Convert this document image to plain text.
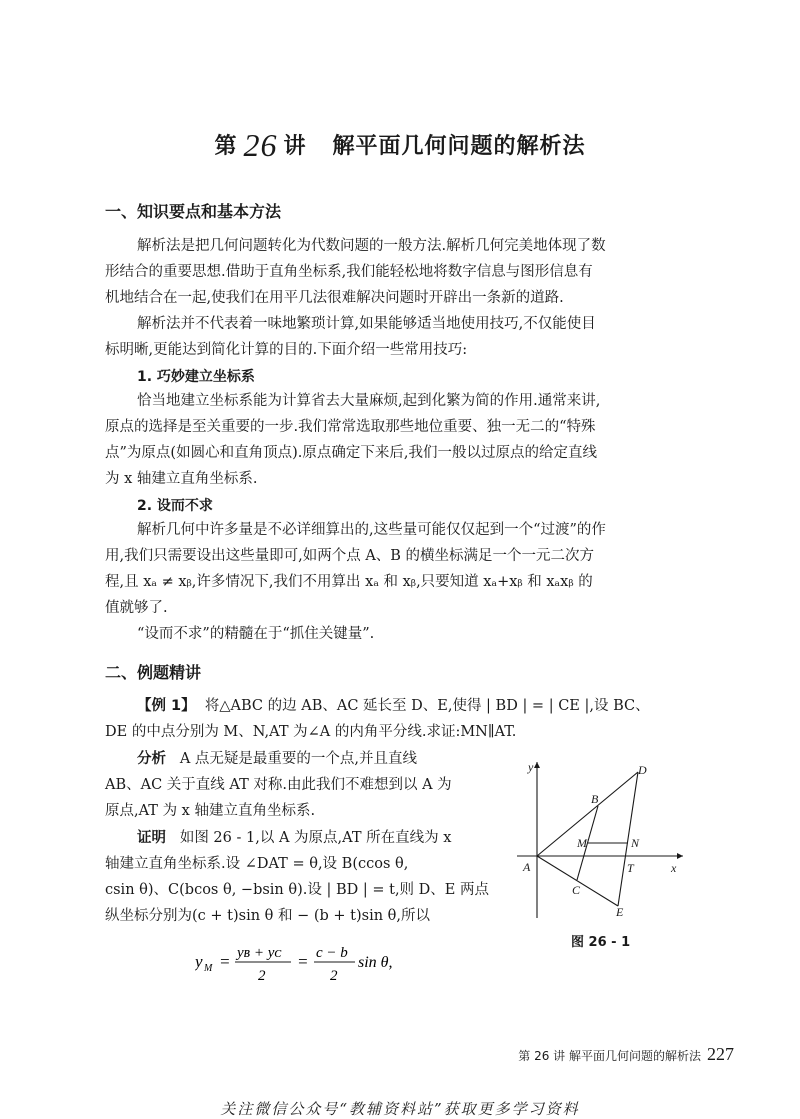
第 26 讲 解平面几何问题的解析法
一、知识要点和基本方法
解析法是把几何问题转化为代数问题的一般方法.解析几何完美地体现了数
形结合的重要思想.借助于直角坐标系,我们能轻松地将数字信息与图形信息有
机地结合在一起,使我们在用平几法很难解决问题时开辟出一条新的道路.
解析法并不代表着一味地繁琐计算,如果能够适当地使用技巧,不仅能使目
标明晰,更能达到简化计算的目的.下面介绍一些常用技巧:
1. 巧妙建立坐标系
恰当地建立坐标系能为计算省去大量麻烦,起到化繁为简的作用.通常来讲,
原点的选择是至关重要的一步.我们常常选取那些地位重要、独一无二的“特殊
点”为原点(如圆心和直角顶点).原点确定下来后,我们一般以过原点的给定直线
为 x 轴建立直角坐标系.
2. 设而不求
解析几何中许多量是不必详细算出的,这些量可能仅仅起到一个“过渡”的作
用,我们只需要设出这些量即可,如两个点 A、B 的横坐标满足一个一元二次方
程,且 xₐ ≠ xᵦ,许多情况下,我们不用算出 xₐ 和 xᵦ,只要知道 xₐ+xᵦ 和 xₐxᵦ 的
值就够了.
“设而不求”的精髓在于“抓住关键量”.
二、例题精讲
【例 1】 将△ABC 的边 AB、AC 延长至 D、E,使得 | BD | = | CE |,设 BC、
DE 的中点分别为 M、N,AT 为∠A 的内角平分线.求证:MN∥AT.
分析 A 点无疑是最重要的一个点,并且直线
AB、AC 关于直线 AT 对称.由此我们不难想到以 A 为
原点,AT 为 x 轴建立直角坐标系.
证明 如图 26 - 1,以 A 为原点,AT 所在直线为 x
轴建立直角坐标系.设 ∠DAT = θ,设 B(ccos θ,
csin θ)、C(bcos θ, −bsin θ).设 | BD | = t,则 D、E 两点
纵坐标分别为(c + t)sin θ 和 − (b + t)sin θ,所以
y M = yʙ + yᴄ
2
= c − b
2
sin θ,
y
x
A
B
C
D
E
M	N
T
图 26 - 1
第 26 讲 解平面几何问题的解析法 227
关注微信公众号“教辅资料站”获取更多学习资料
